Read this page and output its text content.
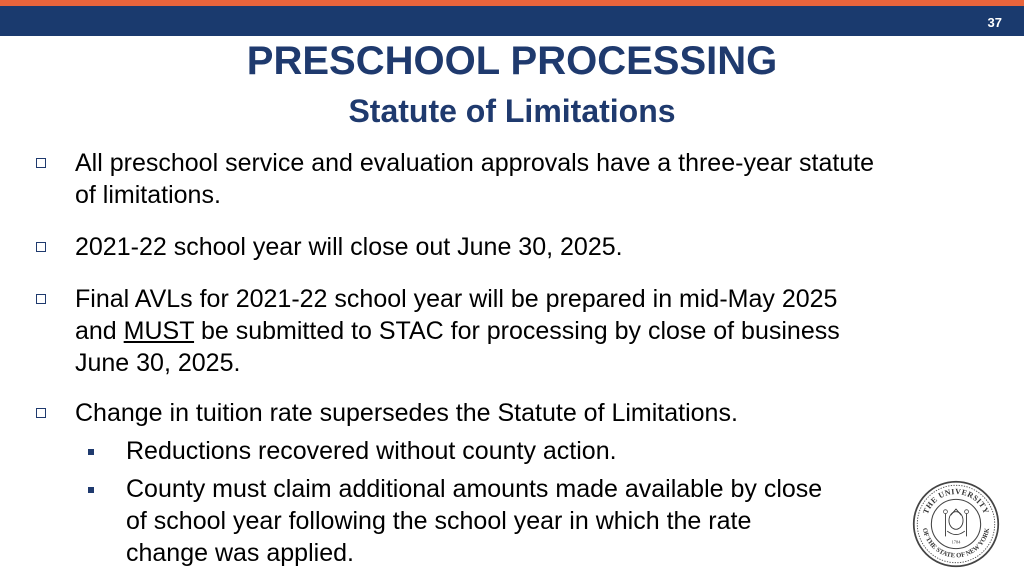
37
PRESCHOOL PROCESSING
Statute of Limitations
All preschool service and evaluation approvals have a three-year statute
of limitations.
2021-22 school year will close out June 30, 2025.
Final AVLs for 2021-22 school year will be prepared in mid-May 2025
and MUST be submitted to STAC for processing by close of business
June 30, 2025.
Change in tuition rate supersedes the Statute of Limitations.
Reductions recovered without county action.
County must claim additional amounts made available by close
of school year following the school year in which the rate
change was applied.
THE UNIVERSITY
OF THE STATE OF NEW YORK
1784
